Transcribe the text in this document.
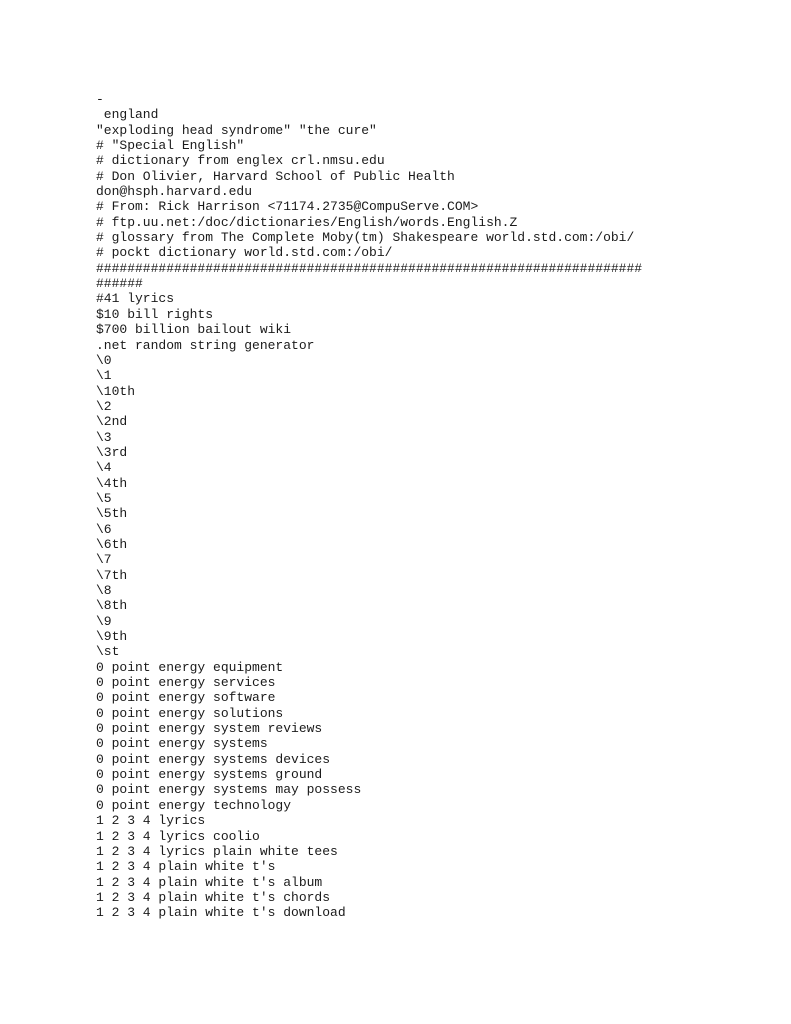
-
england
"exploding head syndrome" "the cure"
# "Special English"
# dictionary from englex crl.nmsu.edu
# Don Olivier, Harvard School of Public Health
don@hsph.harvard.edu
# From: Rick Harrison <71174.2735@CompuServe.COM>
# ftp.uu.net:/doc/dictionaries/English/words.English.Z
# glossary from The Complete Moby(tm) Shakespeare world.std.com:/obi/
# pockt dictionary world.std.com:/obi/
######################################################################
######
#41 lyrics
$10 bill rights
$700 billion bailout wiki
.net random string generator
\0
\1
\10th
\2
\2nd
\3
\3rd
\4
\4th
\5
\5th
\6
\6th
\7
\7th
\8
\8th
\9
\9th
\st
0 point energy equipment
0 point energy services
0 point energy software
0 point energy solutions
0 point energy system reviews
0 point energy systems
0 point energy systems devices
0 point energy systems ground
0 point energy systems may possess
0 point energy technology
1 2 3 4 lyrics
1 2 3 4 lyrics coolio
1 2 3 4 lyrics plain white tees
1 2 3 4 plain white t's
1 2 3 4 plain white t's album
1 2 3 4 plain white t's chords
1 2 3 4 plain white t's download
